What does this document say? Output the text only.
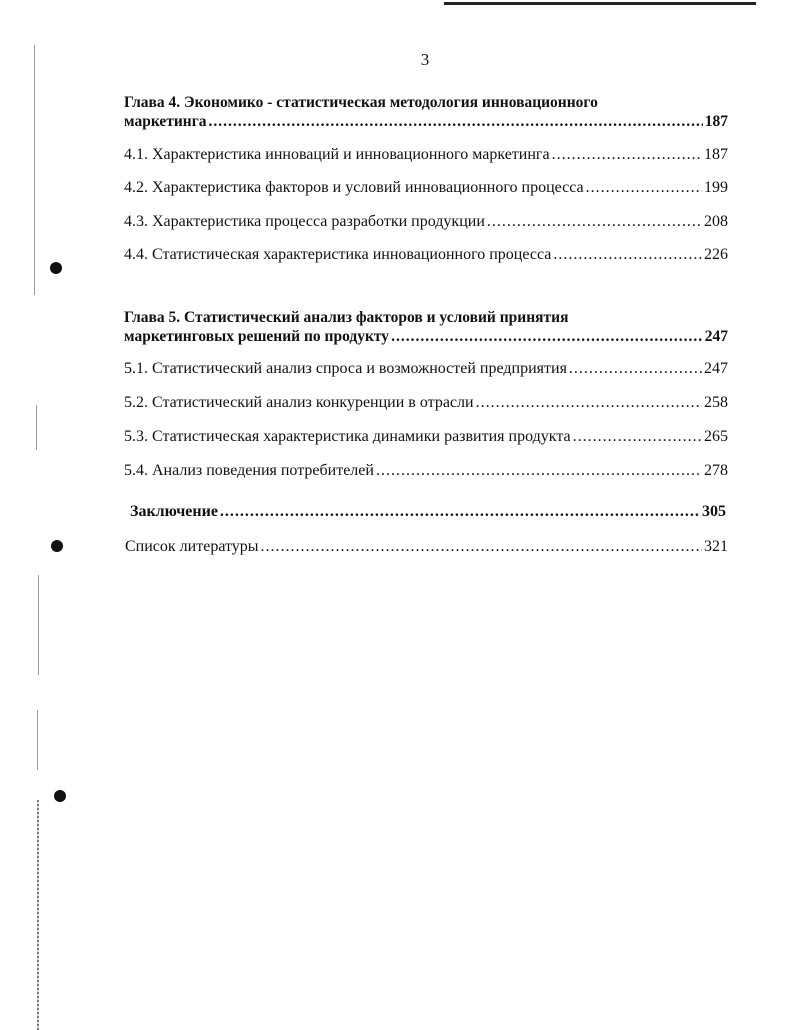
3
Глава 4. Экономико - статистическая методология инновационного
маркетинга .....	187
4.1. Характеристика инноваций и инновационного маркетинга .....	187
4.2. Характеристика факторов и условий инновационного процесса .....	199
4.3. Характеристика процесса разработки продукции .....	208
4.4. Статистическая характеристика инновационного процесса .....	226
Глава 5. Статистический анализ факторов и условий принятия
маркетинговых решений по продукту .....	247
5.1. Статистический анализ спроса и возможностей предприятия .....	247
5.2. Статистический анализ конкуренции в отрасли .....	258
5.3. Статистическая характеристика динамики развития продукта .....	265
5.4. Анализ поведения потребителей .....	278
Заключение .....	305
Список литературы .....	321
